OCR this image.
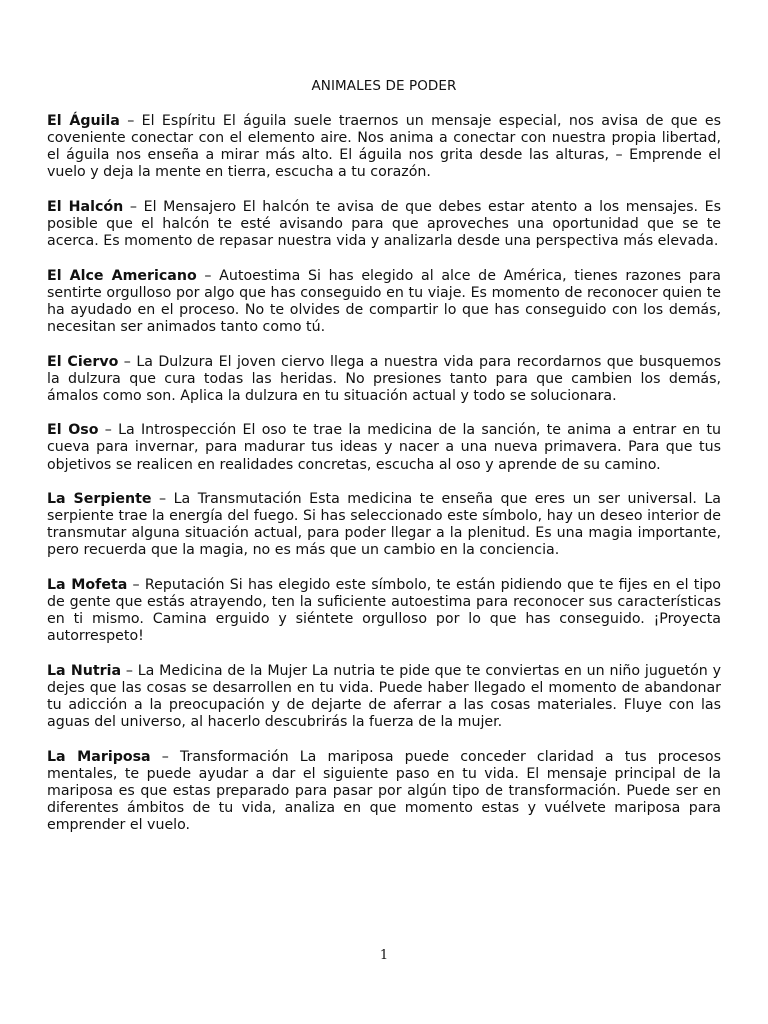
ANIMALES DE PODER

El Águila – El Espíritu El águila suele traernos un mensaje especial, nos avisa de que es coveniente conectar con el elemento aire. Nos anima a conectar con nuestra propia libertad, el águila nos enseña a mirar más alto. El águila nos grita desde las alturas, – Emprende el vuelo y deja la mente en tierra, escucha a tu corazón.

El Halcón – El Mensajero El halcón te avisa de que debes estar atento a los mensajes. Es posible que el halcón te esté avisando para que aproveches una oportunidad que se te acerca. Es momento de repasar nuestra vida y analizarla desde una perspectiva más elevada.

El Alce Americano – Autoestima Si has elegido al alce de América, tienes razones para sentirte orgulloso por algo que has conseguido en tu viaje. Es momento de reconocer quien te ha ayudado en el proceso. No te olvides de compartir lo que has conseguido con los demás, necesitan ser animados tanto como tú.

El Ciervo – La Dulzura El joven ciervo llega a nuestra vida para recordarnos que busquemos la dulzura que cura todas las heridas. No presiones tanto para que cambien los demás, ámalos como son. Aplica la dulzura en tu situación actual y todo se solucionara.

El Oso – La Introspección El oso te trae la medicina de la sanción, te anima a entrar en tu cueva para invernar, para madurar tus ideas y nacer a una nueva primavera. Para que tus objetivos se realicen en realidades concretas, escucha al oso y aprende de su camino.

La Serpiente – La Transmutación Esta medicina te enseña que eres un ser universal. La serpiente trae la energía del fuego. Si has seleccionado este símbolo, hay un deseo interior de transmutar alguna situación actual, para poder llegar a la plenitud. Es una magia importante, pero recuerda que la magia, no es más que un cambio en la conciencia.

La Mofeta – Reputación Si has elegido este símbolo, te están pidiendo que te fijes en el tipo de gente que estás atrayendo, ten la suficiente autoestima para reconocer sus características en ti mismo. Camina erguido y siéntete orgulloso por lo que has conseguido. ¡Proyecta autorrespeto!

La Nutria – La Medicina de la Mujer La nutria te pide que te conviertas en un niño juguetón y dejes que las cosas se desarrollen en tu vida. Puede haber llegado el momento de abandonar tu adicción a la preocupación y de dejarte de aferrar a las cosas materiales. Fluye con las aguas del universo, al hacerlo descubrirás la fuerza de la mujer.

La Mariposa – Transformación La mariposa puede conceder claridad a tus procesos mentales, te puede ayudar a dar el siguiente paso en tu vida. El mensaje principal de la mariposa es que estas preparado para pasar por algún tipo de transformación. Puede ser en diferentes ámbitos de tu vida, analiza en que momento estas y vuélvete mariposa para emprender el vuelo.

1
